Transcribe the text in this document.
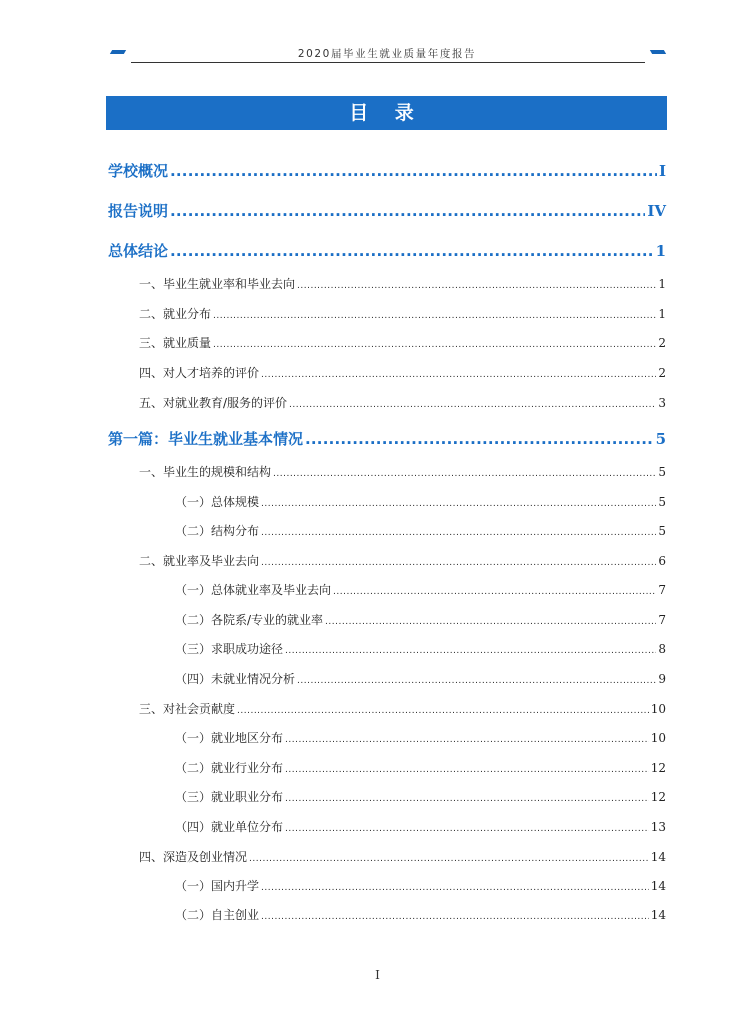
2020届毕业生就业质量年度报告
目 录
学校概况 .....	I
报告说明 .....	IV
总体结论 .....	1
一、毕业生就业率和毕业去向 .....	1
二、就业分布 .....	1
三、就业质量 .....	2
四、对人才培养的评价 .....	2
五、对就业教育/服务的评价 .....	3
第一篇：毕业生就业基本情况 .....	5
一、毕业生的规模和结构 .....	5
（一）总体规模 .....	5
（二）结构分布 .....	5
二、就业率及毕业去向 .....	6
（一）总体就业率及毕业去向 .....	7
（二）各院系/专业的就业率 .....	7
（三）求职成功途径 .....	8
（四）未就业情况分析 .....	9
三、对社会贡献度 .....	10
（一）就业地区分布 .....	10
（二）就业行业分布 .....	12
（三）就业职业分布 .....	12
（四）就业单位分布 .....	13
四、深造及创业情况 .....	14
（一）国内升学 .....	14
（二）自主创业 .....	14
I
